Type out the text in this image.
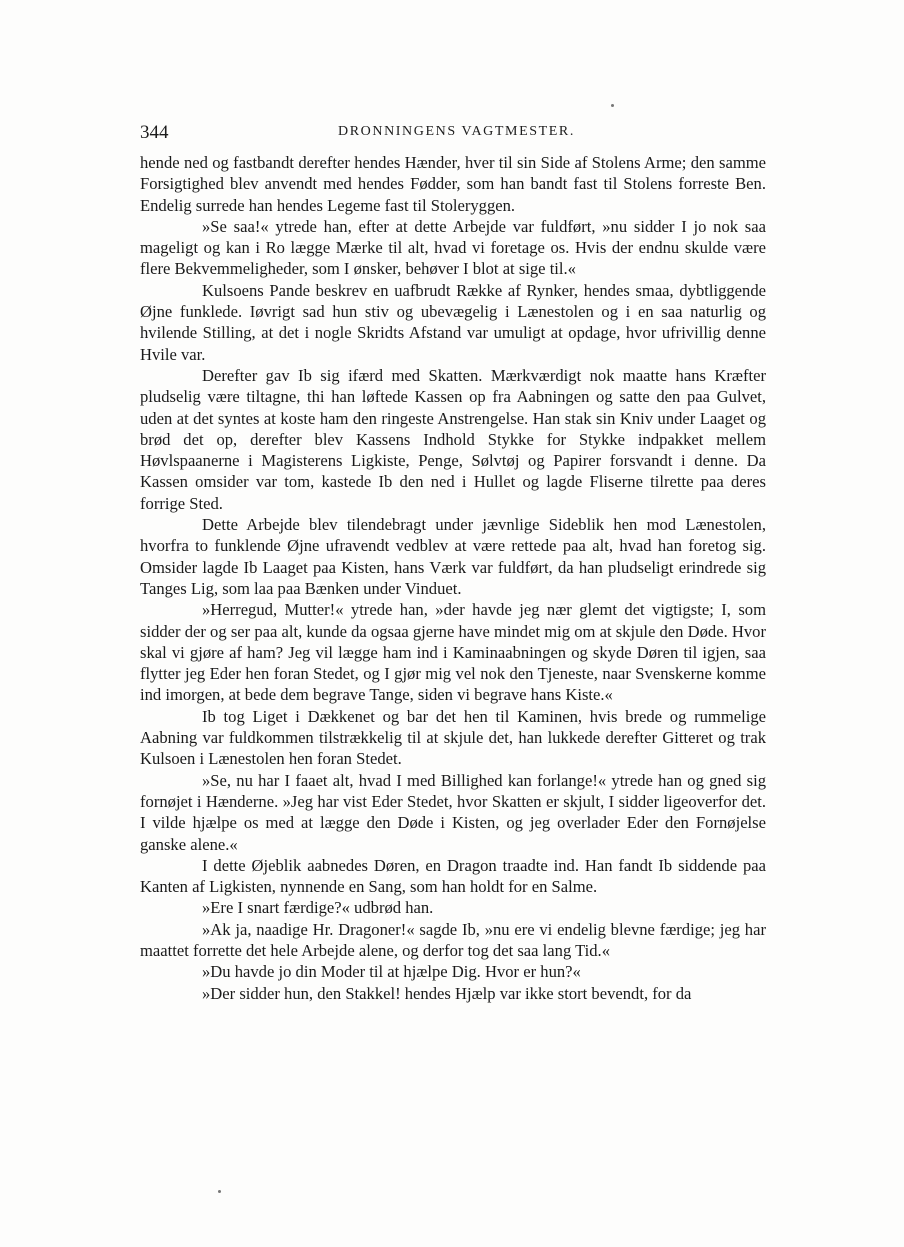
344	DRONNINGENS VAGTMESTER.

hende ned og fastbandt derefter hendes Hænder, hver til sin Side af Stolens Arme; den samme Forsigtighed blev anvendt med hendes Fødder, som han bandt fast til Stolens forreste Ben. Endelig surrede han hendes Legeme fast til Stoleryggen.

»Se saa!« ytrede han, efter at dette Arbejde var fuldført, »nu sidder I jo nok saa mageligt og kan i Ro lægge Mærke til alt, hvad vi foretage os. Hvis der endnu skulde være flere Bekvemmeligheder, som I ønsker, behøver I blot at sige til.«

Kulsoens Pande beskrev en uafbrudt Række af Rynker, hendes smaa, dybtliggende Øjne funklede. Iøvrigt sad hun stiv og ubevægelig i Lænestolen og i en saa naturlig og hvilende Stilling, at det i nogle Skridts Afstand var umuligt at opdage, hvor ufrivillig denne Hvile var.

Derefter gav Ib sig ifærd med Skatten. Mærkværdigt nok maatte hans Kræfter pludselig være tiltagne, thi han løftede Kassen op fra Aabningen og satte den paa Gulvet, uden at det syntes at koste ham den ringeste Anstrengelse. Han stak sin Kniv under Laaget og brød det op, derefter blev Kassens Indhold Stykke for Stykke indpakket mellem Høvlspaanerne i Magisterens Ligkiste, Penge, Sølvtøj og Papirer forsvandt i denne. Da Kassen omsider var tom, kastede Ib den ned i Hullet og lagde Fliserne tilrette paa deres forrige Sted.

Dette Arbejde blev tilendebragt under jævnlige Sideblik hen mod Lænestolen, hvorfra to funklende Øjne ufravendt vedblev at være rettede paa alt, hvad han foretog sig. Omsider lagde Ib Laaget paa Kisten, hans Værk var fuldført, da han pludseligt erindrede sig Tanges Lig, som laa paa Bænken under Vinduet.

»Herregud, Mutter!« ytrede han, »der havde jeg nær glemt det vigtigste; I, som sidder der og ser paa alt, kunde da ogsaa gjerne have mindet mig om at skjule den Døde. Hvor skal vi gjøre af ham? Jeg vil lægge ham ind i Kaminaabningen og skyde Døren til igjen, saa flytter jeg Eder hen foran Stedet, og I gjør mig vel nok den Tjeneste, naar Svenskerne komme ind imorgen, at bede dem begrave Tange, siden vi begrave hans Kiste.«

Ib tog Liget i Dækkenet og bar det hen til Kaminen, hvis brede og rummelige Aabning var fuldkommen tilstrækkelig til at skjule det, han lukkede derefter Gitteret og trak Kulsoen i Lænestolen hen foran Stedet.

»Se, nu har I faaet alt, hvad I med Billighed kan forlange!« ytrede han og gned sig fornøjet i Hænderne. »Jeg har vist Eder Stedet, hvor Skatten er skjult, I sidder ligeoverfor det. I vilde hjælpe os med at lægge den Døde i Kisten, og jeg overlader Eder den Fornøjelse ganske alene.«

I dette Øjeblik aabnedes Døren, en Dragon traadte ind. Han fandt Ib siddende paa Kanten af Ligkisten, nynnende en Sang, som han holdt for en Salme.

»Ere I snart færdige?« udbrød han.

»Ak ja, naadige Hr. Dragoner!« sagde Ib, »nu ere vi endelig blevne færdige; jeg har maattet forrette det hele Arbejde alene, og derfor tog det saa lang Tid.«

»Du havde jo din Moder til at hjælpe Dig. Hvor er hun?«

»Der sidder hun, den Stakkel! hendes Hjælp var ikke stort bevendt, for da
